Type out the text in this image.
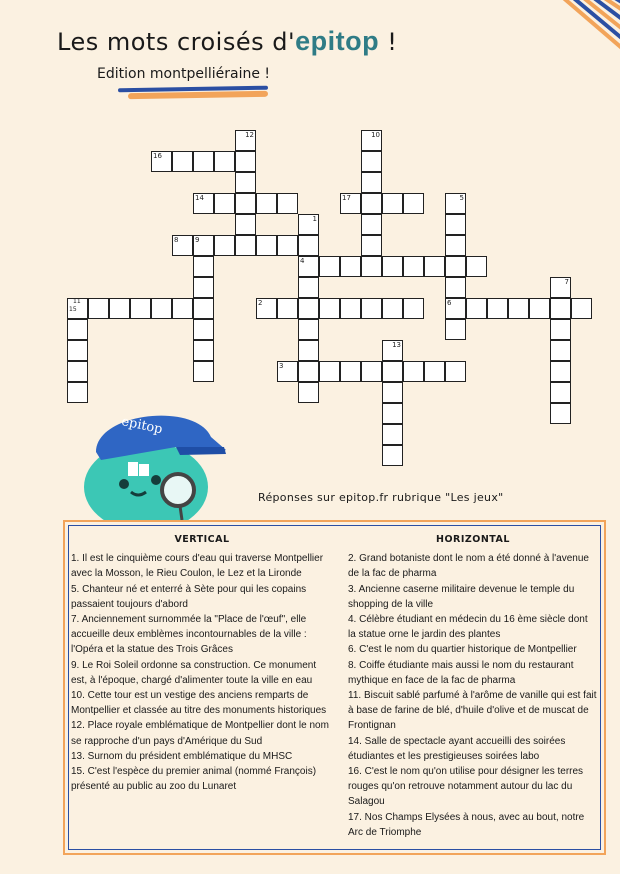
Les mots croisés d'epitop !
Edition montpelliéraine !
16
14	17
8 9
4
11
15
2	6
3
12	10
5
1
7
13
epitop
Réponses sur epitop.fr rubrique "Les jeux"
VERTICAL

1. Il est le cinquième cours d'eau qui traverse Montpellier avec la Mosson, le Rieu Coulon, le Lez et la Lironde

5. Chanteur né et enterré à Sète pour qui les copains passaient toujours d'abord

7. Anciennement surnommée la "Place de l'œuf", elle accueille deux emblèmes incontournables de la ville : l'Opéra et la statue des Trois Grâces

9. Le Roi Soleil ordonne sa construction. Ce monument est, à l'époque, chargé d'alimenter toute la ville en eau

10. Cette tour est un vestige des anciens remparts de Montpellier et classée au titre des monuments historiques

12. Place royale emblématique de Montpellier dont le nom se rapproche d'un pays d'Amérique du Sud

13. Surnom du président emblématique du MHSC

15. C'est l'espèce du premier animal (nommé François) présenté au public au zoo du Lunaret

HORIZONTAL

2. Grand botaniste dont le nom a été donné à l'avenue de la fac de pharma

3. Ancienne caserne militaire devenue le temple du shopping de la ville

4. Célèbre étudiant en médecin du 16 ème siècle dont la statue orne le jardin des plantes

6. C'est le nom du quartier historique de Montpellier

8. Coiffe étudiante mais aussi le nom du restaurant mythique en face de la fac de pharma

11. Biscuit sablé parfumé à l'arôme de vanille qui est fait à base de farine de blé, d'huile d'olive et de muscat de Frontignan

14. Salle de spectacle ayant accueilli des soirées étudiantes et les prestigieuses soirées labo

16. C'est le nom qu'on utilise pour désigner les terres rouges qu'on retrouve notamment autour du lac du Salagou

17. Nos Champs Elysées à nous, avec au bout, notre Arc de Triomphe
